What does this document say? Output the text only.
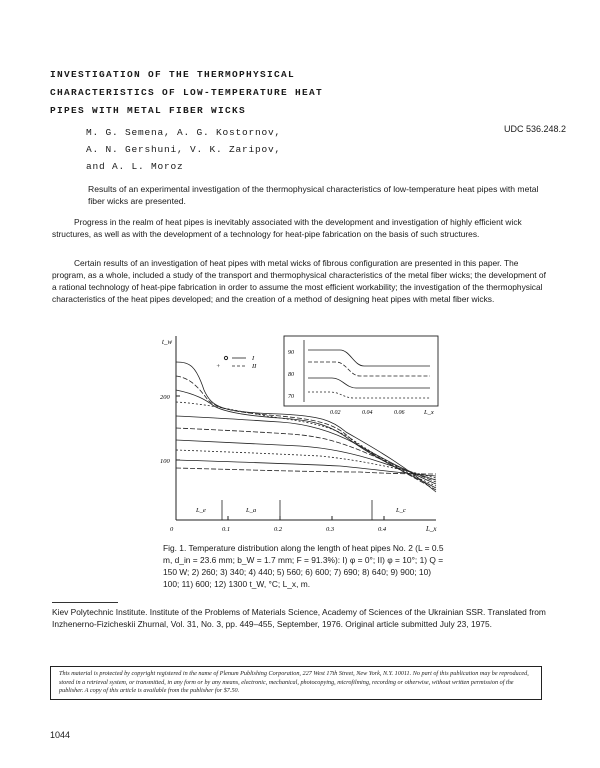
INVESTIGATION OF THE THERMOPHYSICAL
CHARACTERISTICS OF LOW-TEMPERATURE HEAT
PIPES WITH METAL FIBER WICKS
M. G. Semena, A. G. Kostornov,
A. N. Gershuni, V. K. Zaripov,
and A. L. Moroz
UDC 536.248.2
Results of an experimental investigation of the thermophysical characteristics of low-temperature heat pipes with metal fiber wicks are presented.

Progress in the realm of heat pipes is inevitably associated with the development and investigation of highly efficient wick structures, as well as with the development of a technology for heat-pipe fabrication on the basis of such structures.

Certain results of an investigation of heat pipes with metal wicks of fibrous configuration are presented in this paper. The program, as a whole, included a study of the transport and thermophysical characteristics of the metal fiber wicks; the development of a rational technology of heat-pipe fabrication in order to assume the most efficient workability; the investigation of the thermophysical characteristics of the heat pipes developed; and the creation of a method of designing heat pipes with metal fiber wicks.

t_w
200
100
0	0.1	0.2	0.3	0.4	L_x
I
+	II
90
80
70
0.02	0.04	0.06	L_x
L_e	L_a	L_c
Fig. 1. Temperature distribution along the length of heat pipes No. 2 (L = 0.5 m, d_in = 23.6 mm; b_W = 1.7 mm; F = 91.3%): I) φ = 0°; II) φ = 10°; 1) Q = 150 W; 2) 260; 3) 340; 4) 440; 5) 560; 6) 600; 7) 690; 8) 640; 9) 900; 10) 100; 11) 600; 12) 1300 t_W, °C; L_x, m.
Kiev Polytechnic Institute. Institute of the Problems of Materials Science, Academy of Sciences of the Ukrainian SSR. Translated from Inzhenerno-Fizicheskii Zhurnal, Vol. 31, No. 3, pp. 449–455, September, 1976. Original article submitted July 23, 1975.
This material is protected by copyright registered in the name of Plenum Publishing Corporation, 227 West 17th Street, New York, N.Y. 10011. No part of this publication may be reproduced, stored in a retrieval system, or transmitted, in any form or by any means, electronic, mechanical, photocopying, microfilming, recording or otherwise, without written permission of the publisher. A copy of this article is available from the publisher for $7.50.
1044
